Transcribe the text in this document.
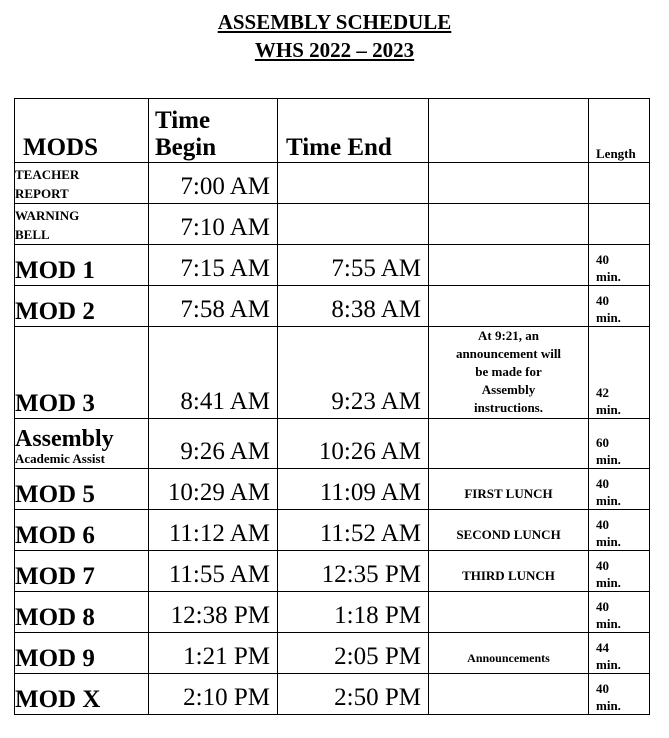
ASSEMBLY SCHEDULE
WHS 2022 – 2023
MODS	Time
Begin	Time End		Length
TEACHER
REPORT	7:00 AM			
WARNING
BELL	7:10 AM			
MOD 1	7:15 AM	7:55 AM		40
min.
MOD 2	7:58 AM	8:38 AM		40
min.
MOD 3	8:41 AM	9:23 AM	At 9:21, an
announcement will
be made for
Assembly
instructions.	42
min.

Assembly
Academic Assist	9:26 AM	10:26 AM		60
min.
MOD 5	10:29 AM	11:09 AM	FIRST LUNCH	40
min.
MOD 6	11:12 AM	11:52 AM	SECOND LUNCH	40
min.
MOD 7	11:55 AM	12:35 PM	THIRD LUNCH	40
min.
MOD 8	12:38 PM	1:18 PM		40
min.
MOD 9	1:21 PM	2:05 PM	Announcements	44
min.
MOD X	2:10 PM	2:50 PM		40
min.
